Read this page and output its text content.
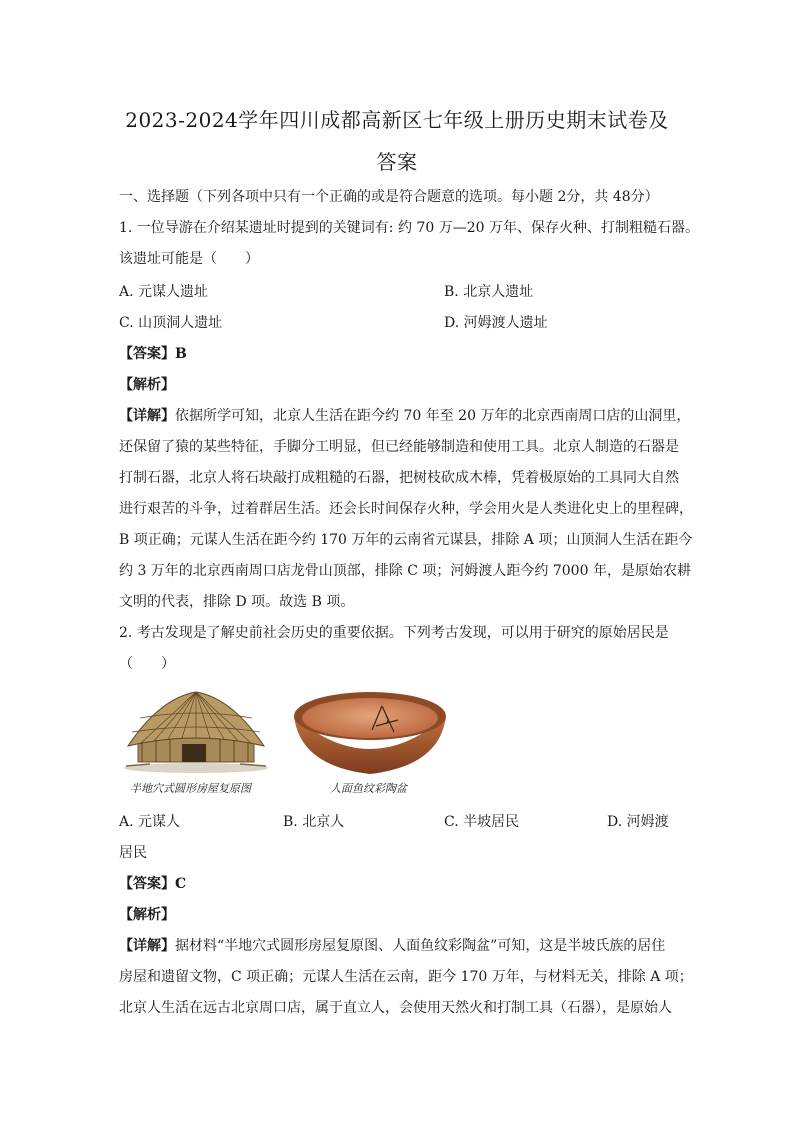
2023-2024学年四川成都高新区七年级上册历史期末试卷及
答案
一、选择题（下列各项中只有一个正确的或是符合题意的选项。每小题 2分，共 48分）
1. 一位导游在介绍某遗址时提到的关键词有: 约 70 万—20 万年、保存火种、打制粗糙石器。
该遗址可能是（　　）
A. 元谋人遗址	B. 北京人遗址
C. 山顶洞人遗址	D. 河姆渡人遗址
【答案】B
【解析】
【详解】依据所学可知，北京人生活在距今约 70 年至 20 万年的北京西南周口店的山洞里，
还保留了猿的某些特征，手脚分工明显，但已经能够制造和使用工具。北京人制造的石器是
打制石器，北京人将石块敲打成粗糙的石器，把树枝砍成木棒，凭着极原始的工具同大自然
进行艰苦的斗争，过着群居生活。还会长时间保存火种，学会用火是人类进化史上的里程碑，
B 项正确；元谋人生活在距今约 170 万年的云南省元谋县，排除 A 项；山顶洞人生活在距今
约 3 万年的北京西南周口店龙骨山顶部，排除 C 项；河姆渡人距今约 7000 年，是原始农耕
文明的代表，排除 D 项。故选 B 项。
2. 考古发现是了解史前社会历史的重要依据。下列考古发现，可以用于研究的原始居民是
（　　）
半地穴式圆形房屋复原图	人面鱼纹彩陶盆
A. 元谋人	B. 北京人	C. 半坡居民	D. 河姆渡
居民
【答案】C
【解析】
【详解】据材料“半地穴式圆形房屋复原图、人面鱼纹彩陶盆”可知，这是半坡氏族的居住
房屋和遗留文物，C 项正确；元谋人生活在云南，距今 170 万年，与材料无关，排除 A 项；
北京人生活在远古北京周口店，属于直立人，会使用天然火和打制工具（石器），是原始人
